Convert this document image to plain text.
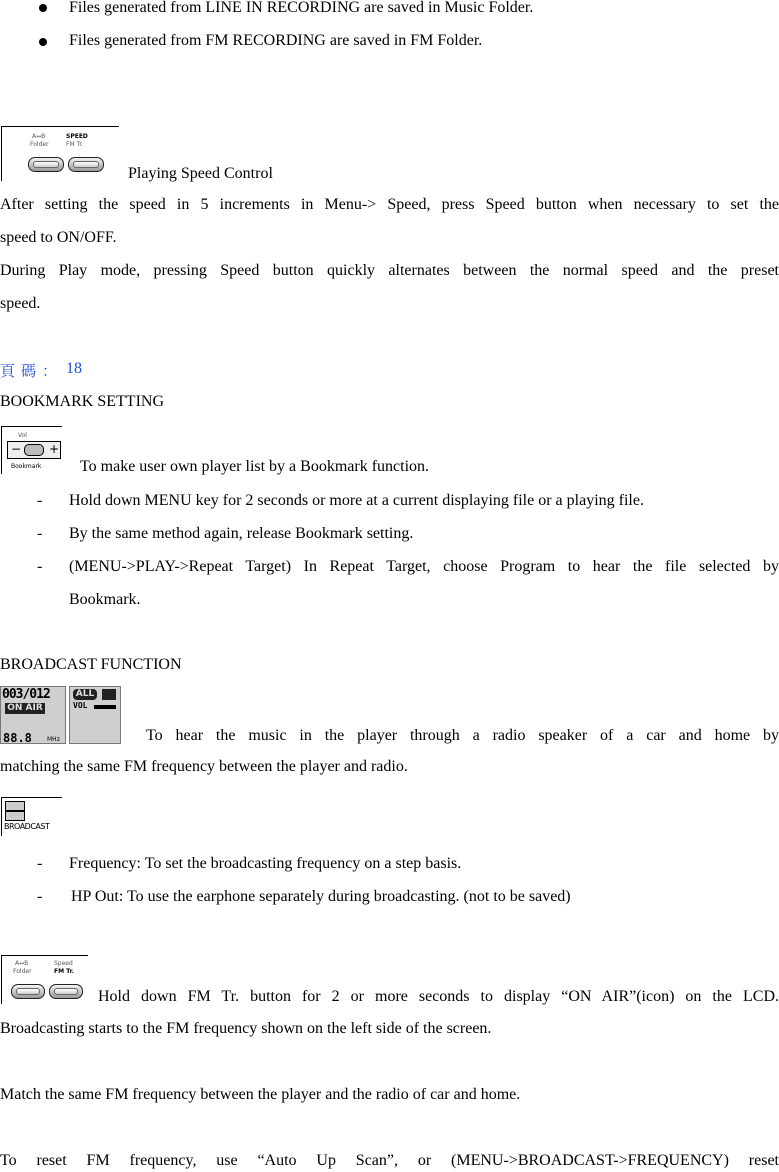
Files generated from LINE IN RECORDING are saved in Music Folder.
Files generated from FM RECORDING are saved in FM Folder.
A↔B	SPEED
Folder	FM Tr.
Playing Speed Control
After setting the speed in 5 increments in Menu-> Speed, press Speed button when necessary to set the
speed to ON/OFF.
During Play mode, pressing Speed button quickly alternates between the normal speed and the preset
speed.
頁碼： 18
BOOKMARK SETTING
Vol
− +
Bookmark To make user own player list by a Bookmark function.
- Hold down MENU key for 2 seconds or more at a current displaying file or a playing file.
- By the same method again, release Bookmark setting.
- (MENU->PLAY->Repeat Target) In Repeat Target, choose Program to hear the file selected by
Bookmark.
BROADCAST FUNCTION
003/012
ON AIR
88.8	MHz
ALL
VOL
To hear the music in the player through a radio speaker of a car and home by
matching the same FM frequency between the player and radio.
BROADCAST
- Frequency: To set the broadcasting frequency on a step basis.
- HP Out: To use the earphone separately during broadcasting. (not to be saved)
A↔B	Speed
Folder	FM Tr.
Hold down FM Tr. button for 2 or more seconds to display “ON AIR”(icon) on the LCD.
Broadcasting starts to the FM frequency shown on the left side of the screen.
Match the same FM frequency between the player and the radio of car and home.
To reset FM frequency, use “Auto Up Scan”, or (MENU->BROADCAST->FREQUENCY) reset
